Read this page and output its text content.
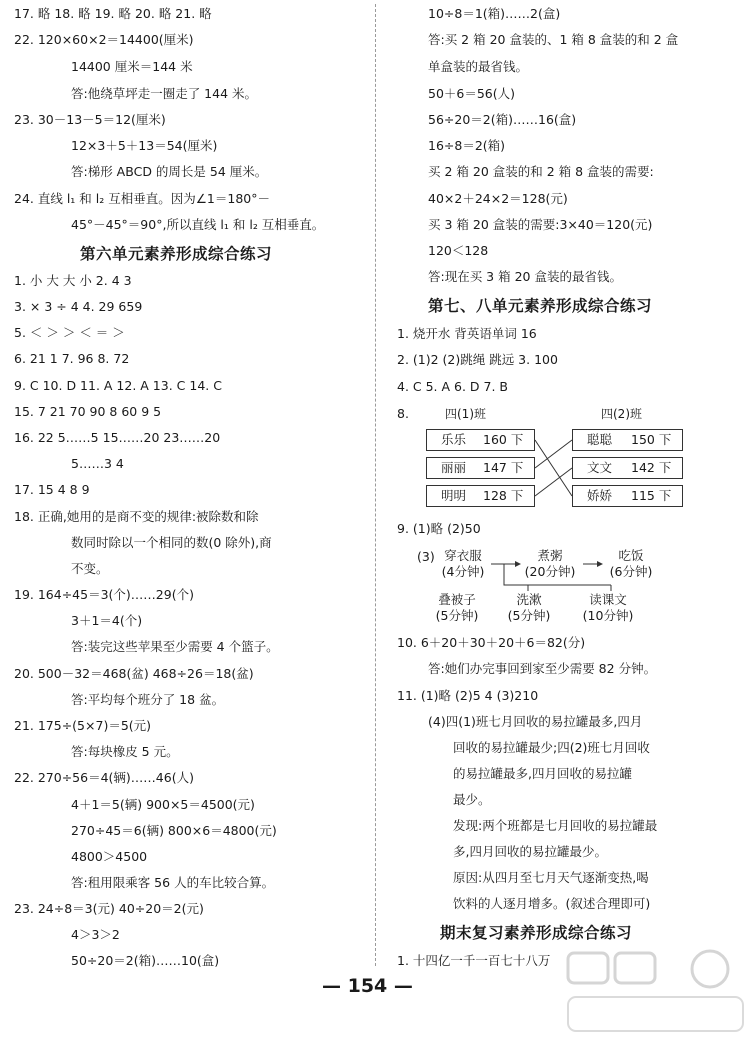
17. 略 18. 略 19. 略 20. 略 21. 略
22. 120×60×2＝14400(厘米)
14400 厘米＝144 米
答:他绕草坪走一圈走了 144 米。
23. 30－13－5＝12(厘米)
12×3＋5＋13＝54(厘米)
答:梯形 ABCD 的周长是 54 厘米。
24. 直线 l₁ 和 l₂ 互相垂直。因为∠1＝180°－
45°－45°＝90°,所以直线 l₁ 和 l₂ 互相垂直。
第六单元素养形成综合练习
1. 小 大 大 小 2. 4 3
3. × 3 ÷ 4 4. 29 659
5. ＜ ＞ ＞ ＜ ＝ ＞
6. 21 1 7. 96 8. 72
9. C 10. D 11. A 12. A 13. C 14. C
15. 7 21 70 90 8 60 9 5
16. 22 5……5 15……20 23……20
5……3 4
17. 15 4 8 9
18. 正确,她用的是商不变的规律:被除数和除
数同时除以一个相同的数(0 除外),商
不变。
19. 164÷45＝3(个)……29(个)
3＋1＝4(个)
答:装完这些苹果至少需要 4 个篮子。
20. 500－32＝468(盆) 468÷26＝18(盆)
答:平均每个班分了 18 盆。
21. 175÷(5×7)＝5(元)
答:每块橡皮 5 元。
22. 270÷56＝4(辆)……46(人)
4＋1＝5(辆) 900×5＝4500(元)
270÷45＝6(辆) 800×6＝4800(元)
4800＞4500
答:租用限乘客 56 人的车比较合算。
23. 24÷8＝3(元) 40÷20＝2(元)
4＞3＞2
50÷20＝2(箱)……10(盒)
10÷8＝1(箱)……2(盒)
答:买 2 箱 20 盒装的、1 箱 8 盒装的和 2 盒
单盒装的最省钱。
50＋6＝56(人)
56÷20＝2(箱)……16(盒)
16÷8＝2(箱)
买 2 箱 20 盒装的和 2 箱 8 盒装的需要:
40×2＋24×2＝128(元)
买 3 箱 20 盒装的需要:3×40＝120(元)
120＜128
答:现在买 3 箱 20 盒装的最省钱。
第七、八单元素养形成综合练习
1. 烧开水 背英语单词 16
2. (1)2 (2)跳绳 跳远 3. 100
4. C 5. A 6. D 7. B
8.	四(1)班	四(2)班
乐乐 160 下
丽丽 147 下
明明 128 下
聪聪 150 下
文文 142 下
娇娇 115 下
9. (1)略 (2)50
(3) 穿衣服
(4分钟)
煮粥
(20分钟)
吃饭
(6分钟)
叠被子
(5分钟)
洗漱
(5分钟)
读课文
(10分钟)
10. 6＋20＋30＋20＋6＝82(分)
答:她们办完事回到家至少需要 82 分钟。
11. (1)略 (2)5 4 (3)210
(4)四(1)班七月回收的易拉罐最多,四月
回收的易拉罐最少;四(2)班七月回收
的易拉罐最多,四月回收的易拉罐
最少。
发现:两个班都是七月回收的易拉罐最
多,四月回收的易拉罐最少。
原因:从四月至七月天气逐渐变热,喝
饮料的人逐月增多。(叙述合理即可)
期末复习素养形成综合练习
1. 十四亿一千一百七十八万
— 154 —
